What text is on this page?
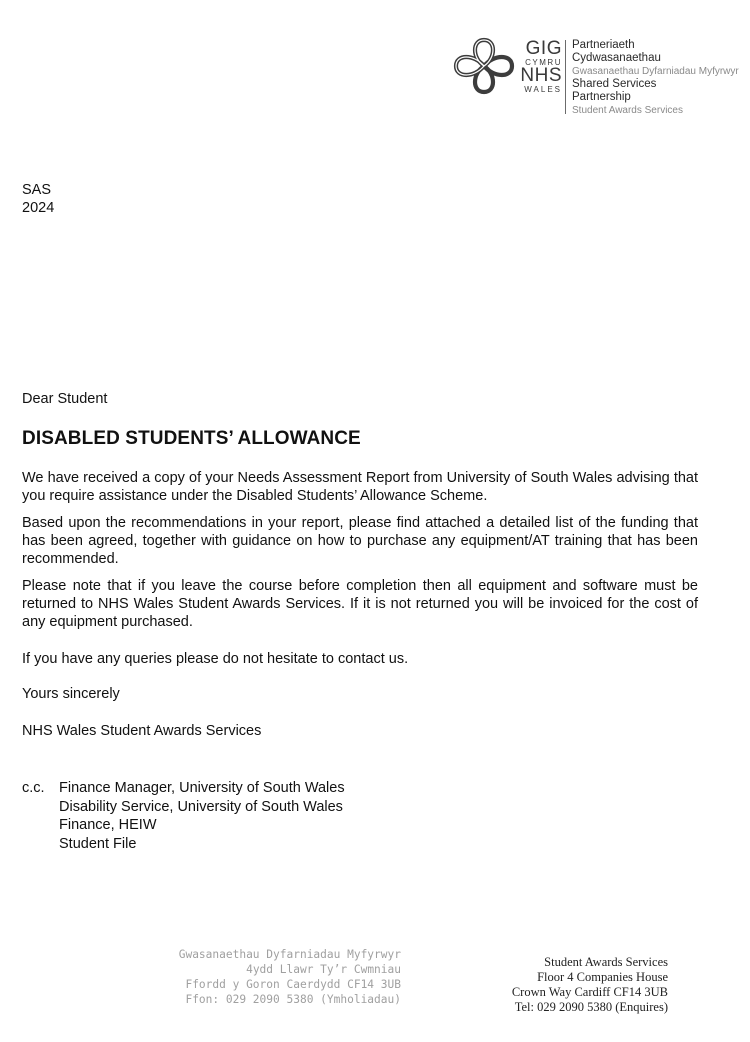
GIG
CYMRU
NHS
WALES
Partneriaeth
Cydwasanaethau
Gwasanaethau Dyfarniadau Myfyrwyr
Shared Services
Partnership
Student Awards Services
SAS
2024
Dear Student
DISABLED STUDENTS’ ALLOWANCE

We have received a copy of your Needs Assessment Report from University of South Wales advising that you require assistance under the Disabled Students’ Allowance Scheme.

Based upon the recommendations in your report, please find attached a detailed list of the funding that has been agreed, together with guidance on how to purchase any equipment/AT training that has been recommended.

Please note that if you leave the course before completion then all equipment and software must be returned to NHS Wales Student Awards Services. If it is not returned you will be invoiced for the cost of any equipment purchased.

If you have any queries please do not hesitate to contact us.

Yours sincerely
NHS Wales Student Awards Services
c.c. Finance Manager, University of South Wales
Disability Service, University of South Wales
Finance, HEIW
Student File
Gwasanaethau Dyfarniadau Myfyrwyr
4ydd Llawr Ty’r Cwmniau
Ffordd y Goron Caerdydd CF14 3UB
Ffon: 029 2090 5380 (Ymholiadau)
Student Awards Services
Floor 4 Companies House
Crown Way Cardiff CF14 3UB
Tel: 029 2090 5380 (Enquires)
